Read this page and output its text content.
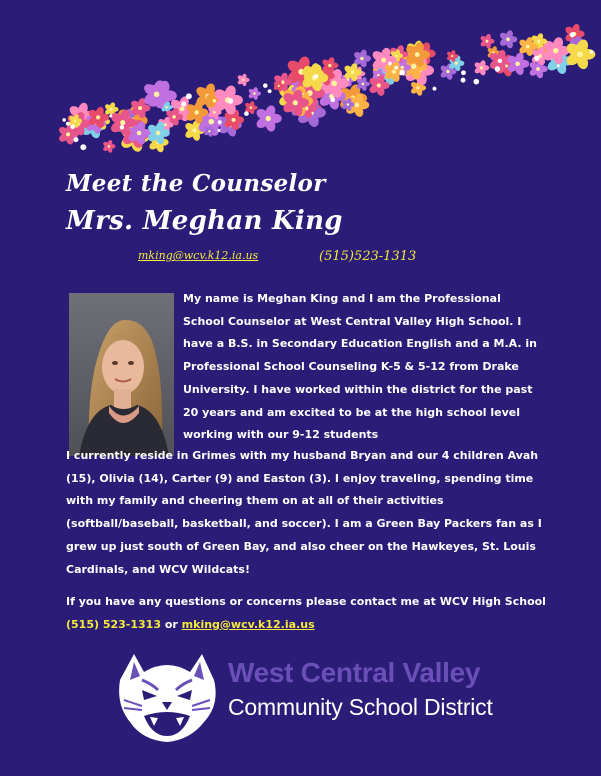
Meet the Counselor
Mrs. Meghan King
mking@wcv.k12.ia.us	(515)523-1313

My name is Meghan King and I am the Professional School Counselor at West Central Valley High School. I have a B.S. in Secondary Education English and a M.A. in Professional School Counseling K-5 & 5-12 from Drake University. I have worked within the district for the past 20 years and am excited to be at the high school level working with our 9-12 students

I currently reside in Grimes with my husband Bryan and our 4 children Avah (15), Olivia (14), Carter (9) and Easton (3). I enjoy traveling, spending time with my family and cheering them on at all of their activities (softball/baseball, basketball, and soccer). I am a Green Bay Packers fan as I grew up just south of Green Bay, and also cheer on the Hawkeyes, St. Louis Cardinals, and WCV Wildcats!

If you have any questions or concerns please contact me at WCV High School (515) 523-1313 or mking@wcv.k12.ia.us

West Central Valley
Community School District
